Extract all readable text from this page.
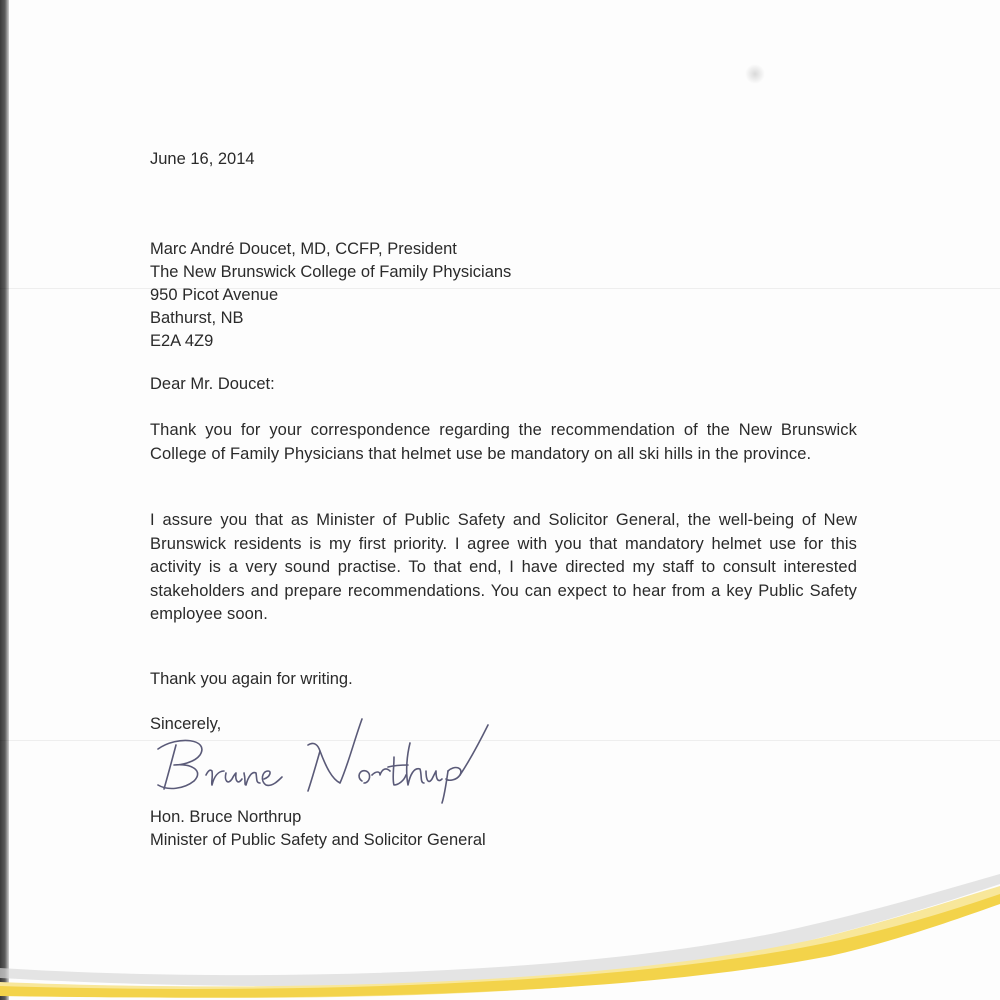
June 16, 2014

Marc André Doucet, MD, CCFP, President
The New Brunswick College of Family Physicians
950 Picot Avenue
Bathurst, NB
E2A 4Z9

Dear Mr. Doucet:

Thank you for your correspondence regarding the recommendation of the New Brunswick College of Family Physicians that helmet use be mandatory on all ski hills in the province.

I assure you that as Minister of Public Safety and Solicitor General, the well-being of New Brunswick residents is my first priority. I agree with you that mandatory helmet use for this activity is a very sound practise. To that end, I have directed my staff to consult interested stakeholders and prepare recommendations. You can expect to hear from a key Public Safety employee soon.

Thank you again for writing.

Sincerely,

Hon. Bruce Northrup

Minister of Public Safety and Solicitor General
